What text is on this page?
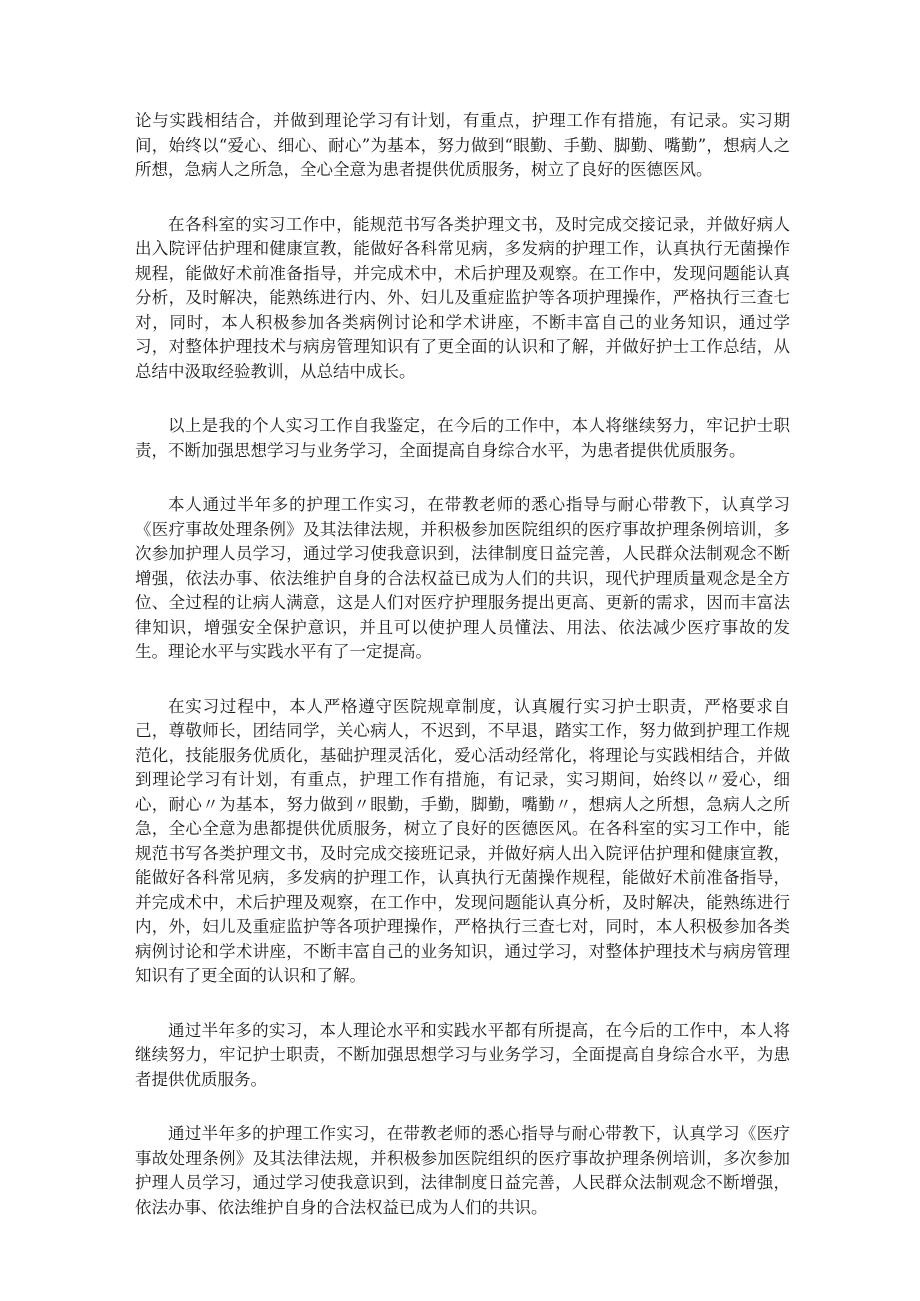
论与实践相结合，并做到理论学习有计划，有重点，护理工作有措施，有记录。实习期间，始终以“爱心、细心、耐心”为基本，努力做到“眼勤、手勤、脚勤、嘴勤”，想病人之所想，急病人之所急，全心全意为患者提供优质服务，树立了良好的医德医风。

在各科室的实习工作中，能规范书写各类护理文书，及时完成交接记录，并做好病人出入院评估护理和健康宣教，能做好各科常见病，多发病的护理工作，认真执行无菌操作规程，能做好术前准备指导，并完成术中，术后护理及观察。在工作中，发现问题能认真分析，及时解决，能熟练进行内、外、妇儿及重症监护等各项护理操作，严格执行三查七对，同时，本人积极参加各类病例讨论和学术讲座，不断丰富自己的业务知识，通过学习，对整体护理技术与病房管理知识有了更全面的认识和了解，并做好护士工作总结，从总结中汲取经验教训，从总结中成长。

以上是我的个人实习工作自我鉴定，在今后的工作中，本人将继续努力，牢记护士职责，不断加强思想学习与业务学习，全面提高自身综合水平，为患者提供优质服务。

本人通过半年多的护理工作实习，在带教老师的悉心指导与耐心带教下，认真学习《医疗事故处理条例》及其法律法规，并积极参加医院组织的医疗事故护理条例培训，多次参加护理人员学习，通过学习使我意识到，法律制度日益完善，人民群众法制观念不断增强，依法办事、依法维护自身的合法权益已成为人们的共识，现代护理质量观念是全方位、全过程的让病人满意，这是人们对医疗护理服务提出更高、更新的需求，因而丰富法律知识，增强安全保护意识，并且可以使护理人员懂法、用法、依法减少医疗事故的发生。理论水平与实践水平有了一定提高。

在实习过程中，本人严格遵守医院规章制度，认真履行实习护士职责，严格要求自己，尊敬师长，团结同学，关心病人，不迟到，不早退，踏实工作，努力做到护理工作规范化，技能服务优质化，基础护理灵活化，爱心活动经常化，将理论与实践相结合，并做到理论学习有计划，有重点，护理工作有措施，有记录，实习期间，始终以〃爱心，细心，耐心〃为基本，努力做到〃眼勤，手勤，脚勤，嘴勤〃，想病人之所想，急病人之所急，全心全意为患都提供优质服务，树立了良好的医德医风。在各科室的实习工作中，能规范书写各类护理文书，及时完成交接班记录，并做好病人出入院评估护理和健康宣教，能做好各科常见病，多发病的护理工作，认真执行无菌操作规程，能做好术前准备指导，并完成术中，术后护理及观察，在工作中，发现问题能认真分析，及时解决，能熟练进行内，外，妇儿及重症监护等各项护理操作，严格执行三查七对，同时，本人积极参加各类病例讨论和学术讲座，不断丰富自己的业务知识，通过学习，对整体护理技术与病房管理知识有了更全面的认识和了解。

通过半年多的实习，本人理论水平和实践水平都有所提高，在今后的工作中，本人将继续努力，牢记护士职责，不断加强思想学习与业务学习，全面提高自身综合水平，为患者提供优质服务。

通过半年多的护理工作实习，在带教老师的悉心指导与耐心带教下，认真学习《医疗事故处理条例》及其法律法规，并积极参加医院组织的医疗事故护理条例培训，多次参加护理人员学习，通过学习使我意识到，法律制度日益完善，人民群众法制观念不断增强，依法办事、依法维护自身的合法权益已成为人们的共识。
